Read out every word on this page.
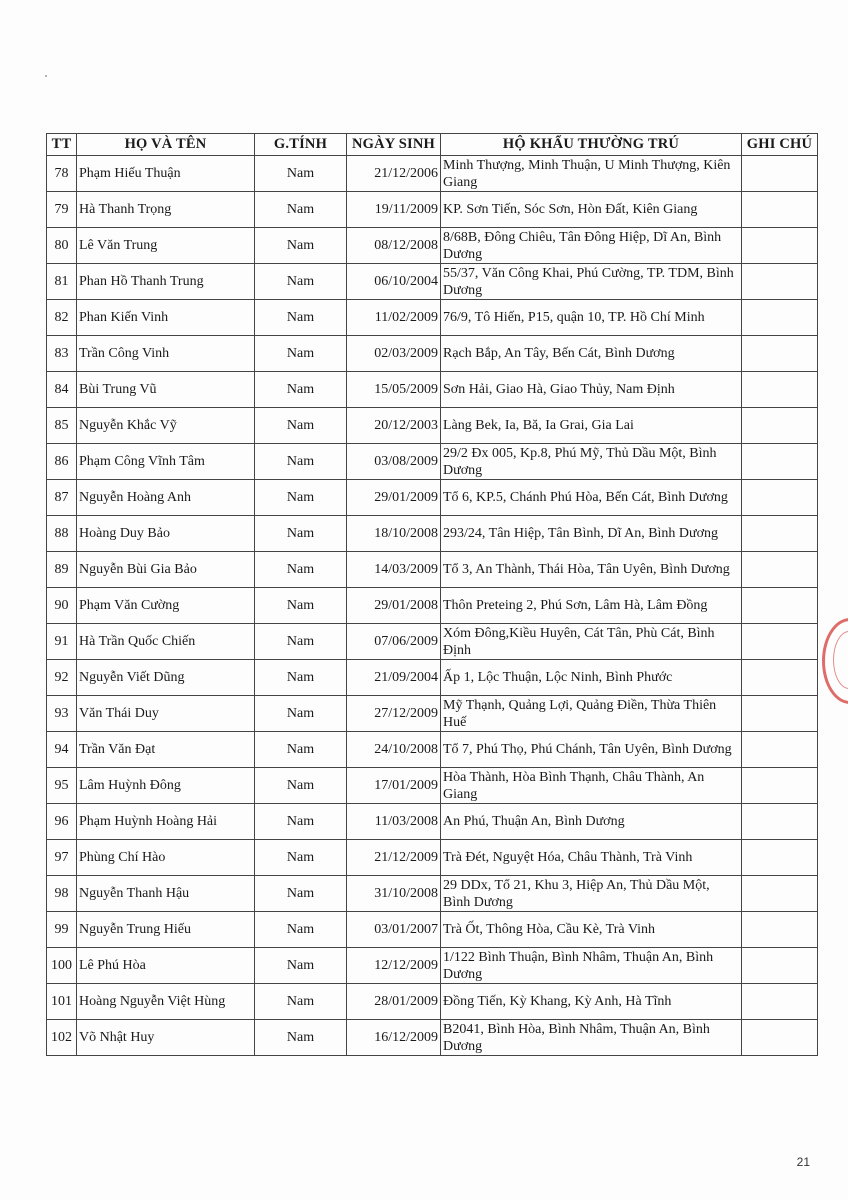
TT	HỌ VÀ TÊN	G.TÍNH	NGÀY SINH	HỘ KHẨU THƯỜNG TRÚ	GHI CHÚ
78	Phạm Hiếu Thuận	Nam	21/12/2006	Minh Thượng, Minh Thuận, U Minh Thượng, Kiên Giang	
79	Hà Thanh Trọng	Nam	19/11/2009	KP. Sơn Tiến, Sóc Sơn, Hòn Đất, Kiên Giang	
80	Lê Văn Trung	Nam	08/12/2008	8/68B, Đông Chiêu, Tân Đông Hiệp, Dĩ An, Bình Dương	
81	Phan Hồ Thanh Trung	Nam	06/10/2004	55/37, Văn Công Khai, Phú Cường, TP. TDM, Bình Dương	
82	Phan Kiến Vinh	Nam	11/02/2009	76/9, Tô Hiến, P15, quận 10, TP. Hồ Chí Minh	
83	Trần Công Vinh	Nam	02/03/2009	Rạch Bắp, An Tây, Bến Cát, Bình Dương	
84	Bùi Trung Vũ	Nam	15/05/2009	Sơn Hải, Giao Hà, Giao Thủy, Nam Định	
85	Nguyễn Khắc Vỹ	Nam	20/12/2003	Làng Bek, Ia, Bă, Ia Grai, Gia Lai	
86	Phạm Công Vĩnh Tâm	Nam	03/08/2009	29/2 Đx 005, Kp.8, Phú Mỹ, Thủ Dầu Một, Bình Dương	
87	Nguyễn Hoàng Anh	Nam	29/01/2009	Tổ 6, KP.5, Chánh Phú Hòa, Bến Cát, Bình Dương	
88	Hoàng Duy Bảo	Nam	18/10/2008	293/24, Tân Hiệp, Tân Bình, Dĩ An, Bình Dương	
89	Nguyễn Bùi Gia Bảo	Nam	14/03/2009	Tổ 3, An Thành, Thái Hòa, Tân Uyên, Bình Dương	
90	Phạm Văn Cường	Nam	29/01/2008	Thôn Preteing 2, Phú Sơn, Lâm Hà, Lâm Đồng	
91	Hà Trần Quốc Chiến	Nam	07/06/2009	Xóm Đông,Kiều Huyên, Cát Tân, Phù Cát, Bình Định	
92	Nguyễn Viết Dũng	Nam	21/09/2004	Ấp 1, Lộc Thuận, Lộc Ninh, Bình Phước	
93	Văn Thái Duy	Nam	27/12/2009	Mỹ Thạnh, Quảng Lợi, Quảng Điền, Thừa Thiên Huế	
94	Trần Văn Đạt	Nam	24/10/2008	Tổ 7, Phú Thọ, Phú Chánh, Tân Uyên, Bình Dương	
95	Lâm Huỳnh Đông	Nam	17/01/2009	Hòa Thành, Hòa Bình Thạnh, Châu Thành, An Giang	
96	Phạm Huỳnh Hoàng Hải	Nam	11/03/2008	An Phú, Thuận An, Bình Dương	
97	Phùng Chí Hào	Nam	21/12/2009	Trà Đét, Nguyệt Hóa, Châu Thành, Trà Vinh	
98	Nguyễn Thanh Hậu	Nam	31/10/2008	29 DDx, Tổ 21, Khu 3, Hiệp An, Thủ Dầu Một, Bình Dương	
99	Nguyễn Trung Hiếu	Nam	03/01/2007	Trà Ốt, Thông Hòa, Cầu Kè, Trà Vinh	
100	Lê Phú Hòa	Nam	12/12/2009	1/122 Bình Thuận, Bình Nhâm, Thuận An, Bình Dương	
101	Hoàng Nguyễn Việt Hùng	Nam	28/01/2009	Đồng Tiến, Kỳ Khang, Kỳ Anh, Hà Tĩnh	
102	Võ Nhật Huy	Nam	16/12/2009	B2041, Bình Hòa, Bình Nhâm, Thuận An, Bình Dương	
21
